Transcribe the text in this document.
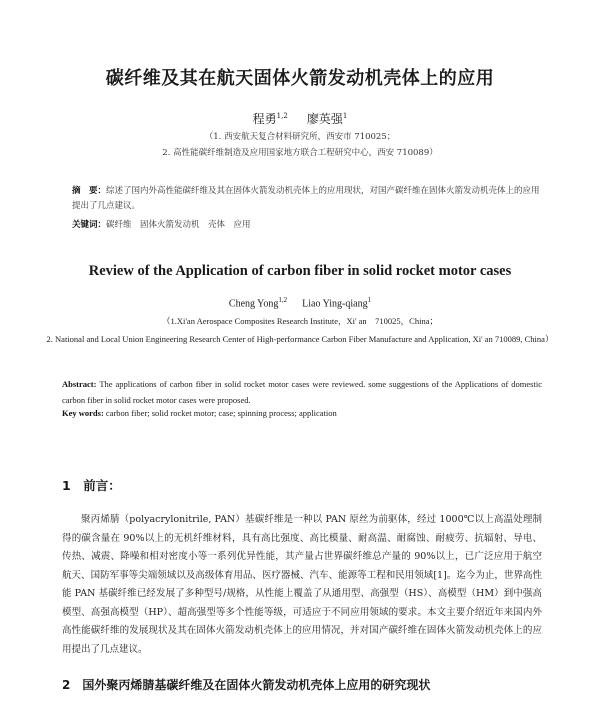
碳纤维及其在航天固体火箭发动机壳体上的应用
程勇$^{1,2}$ 廖英强$^1$
（1. 西安航天复合材料研究所，西安市 710025；
2. 高性能碳纤维制造及应用国家地方联合工程研究中心，西安 710089）
摘　要：综述了国内外高性能碳纤维及其在固体火箭发动机壳体上的应用现状，对国产碳纤维在固体火箭发动机壳体上的应用提出了几点建议。
关键词：碳纤维　固体火箭发动机　壳体　应用
Review of the Application of carbon fiber in solid rocket motor cases
Cheng Yong$^{1,2}$ Liao Ying-qiang$^1$
（1.Xi'an Aerospace Composites Research Institute，Xi' an　710025，China；
2. National and Local Union Engineering Research Center of High-performance Carbon Fiber Manufacture and Application, Xi' an 710089, China）
Abstract: The applications of carbon fiber in solid rocket motor cases were reviewed. some suggestions of the Applications of domestic carbon fiber in solid rocket motor cases were proposed.
Key words: carbon fiber; solid rocket motor; case; spinning process; application
1　前言：
聚丙烯腈（polyacrylonitrile, PAN）基碳纤维是一种以 PAN 原丝为前驱体，经过 1000℃以上高温处理制得的碳含量在 90%以上的无机纤维材料，具有高比强度、高比模量、耐高温、耐腐蚀、耐疲劳、抗辐射、导电、传热、减震、降噪和相对密度小等一系列优异性能，其产量占世界碳纤维总产量的 90%以上，已广泛应用于航空航天、国防军事等尖端领域以及高级体育用品、医疗器械、汽车、能源等工程和民用领域[1]。迄今为止，世界高性能 PAN 基碳纤维已经发展了多种型号/规格，从性能上覆盖了从通用型、高强型（HS）、高模型（HM）到中强高模型、高强高模型（HP）、超高强型等多个性能等级，可适应于不同应用领域的要求。本文主要介绍近年来国内外高性能碳纤维的发展现状及其在固体火箭发动机壳体上的应用情况，并对国产碳纤维在固体火箭发动机壳体上的应用提出了几点建议。
2　国外聚丙烯腈基碳纤维及在固体火箭发动机壳体上应用的研究现状
